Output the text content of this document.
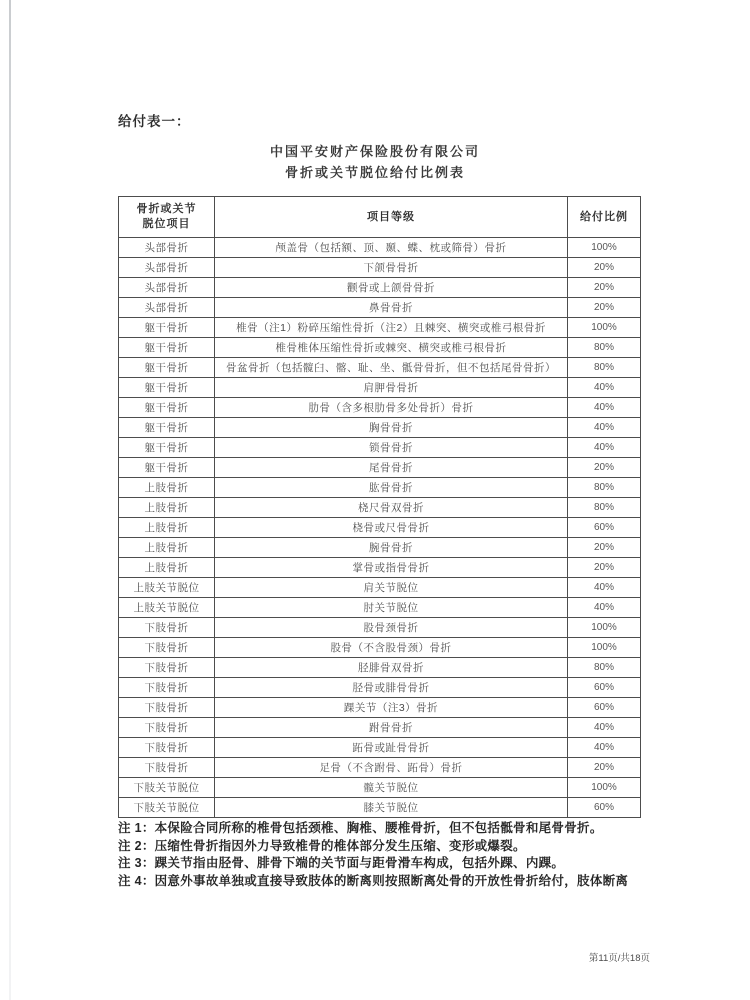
给付表一：
中国平安财产保险股份有限公司
骨折或关节脱位给付比例表
骨折或关节
脱位项目	项目等级	给付比例
头部骨折	颅盖骨（包括额、顶、颞、蝶、枕或筛骨）骨折	100%
头部骨折	下颌骨骨折	20%
头部骨折	颧骨或上颌骨骨折	20%
头部骨折	鼻骨骨折	20%
躯干骨折	椎骨（注1）粉碎压缩性骨折（注2）且棘突、横突或椎弓根骨折	100%
躯干骨折	椎骨椎体压缩性骨折或棘突、横突或椎弓根骨折	80%
躯干骨折	骨盆骨折（包括髋臼、髂、耻、坐、骶骨骨折，但不包括尾骨骨折）	80%
躯干骨折	肩胛骨骨折	40%
躯干骨折	肋骨（含多根肋骨多处骨折）骨折	40%
躯干骨折	胸骨骨折	40%
躯干骨折	锁骨骨折	40%
躯干骨折	尾骨骨折	20%
上肢骨折	肱骨骨折	80%
上肢骨折	桡尺骨双骨折	80%
上肢骨折	桡骨或尺骨骨折	60%
上肢骨折	腕骨骨折	20%
上肢骨折	掌骨或指骨骨折	20%
上肢关节脱位	肩关节脱位	40%
上肢关节脱位	肘关节脱位	40%
下肢骨折	股骨颈骨折	100%
下肢骨折	股骨（不含股骨颈）骨折	100%
下肢骨折	胫腓骨双骨折	80%
下肢骨折	胫骨或腓骨骨折	60%
下肢骨折	踝关节（注3）骨折	60%
下肢骨折	跗骨骨折	40%
下肢骨折	跖骨或趾骨骨折	40%
下肢骨折	足骨（不含跗骨、跖骨）骨折	20%
下肢关节脱位	髋关节脱位	100%
下肢关节脱位	膝关节脱位	60%
注 1：本保险合同所称的椎骨包括颈椎、胸椎、腰椎骨折，但不包括骶骨和尾骨骨折。
注 2：压缩性骨折指因外力导致椎骨的椎体部分发生压缩、变形或爆裂。
注 3：踝关节指由胫骨、腓骨下端的关节面与距骨滑车构成，包括外踝、内踝。
注 4：因意外事故单独或直接导致肢体的断离则按照断离处骨的开放性骨折给付，肢体断离
第11页/共18页
